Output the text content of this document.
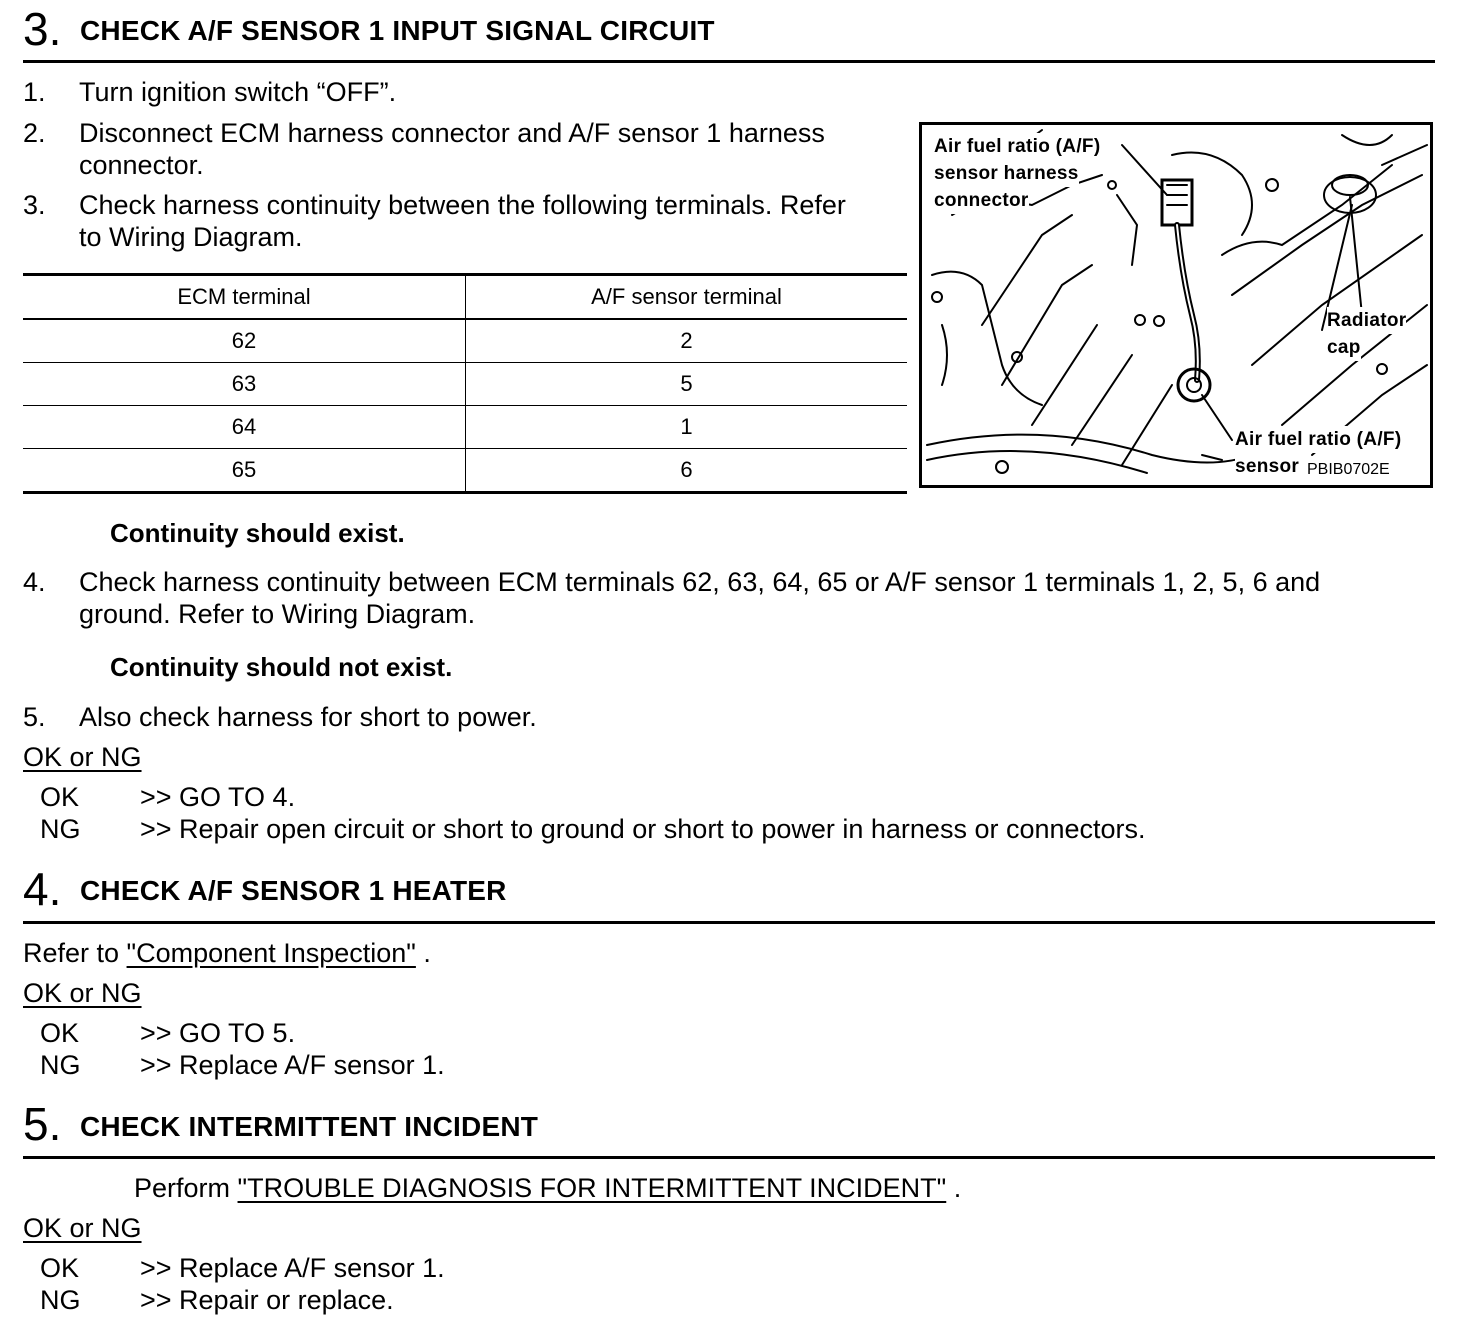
3. CHECK A/F SENSOR 1 INPUT SIGNAL CIRCUIT
1. Turn ignition switch “OFF”.
2. Disconnect ECM harness connector and A/F sensor 1 harness
connector.
3. Check harness continuity between the following terminals. Refer
to Wiring Diagram.
ECM terminal	A/F sensor terminal
62	2
63	5
64	1
65	6
Air fuel ratio (A/F)
sensor harness
connector
Radiator
cap
Air fuel ratio (A/F)
sensor PBIB0702E
Continuity should exist.
4. Check harness continuity between ECM terminals 62, 63, 64, 65 or A/F sensor 1 terminals 1, 2, 5, 6 and
ground. Refer to Wiring Diagram.
Continuity should not exist.
5. Also check harness for short to power.
OK or NG
OK >> GO TO 4.
NG >> Repair open circuit or short to ground or short to power in harness or connectors.
4. CHECK A/F SENSOR 1 HEATER
Refer to "Component Inspection" .
OK or NG
OK >> GO TO 5.
NG >> Replace A/F sensor 1.
5. CHECK INTERMITTENT INCIDENT
Perform "TROUBLE DIAGNOSIS FOR INTERMITTENT INCIDENT" .
OK or NG
OK >> Replace A/F sensor 1.
NG >> Repair or replace.
